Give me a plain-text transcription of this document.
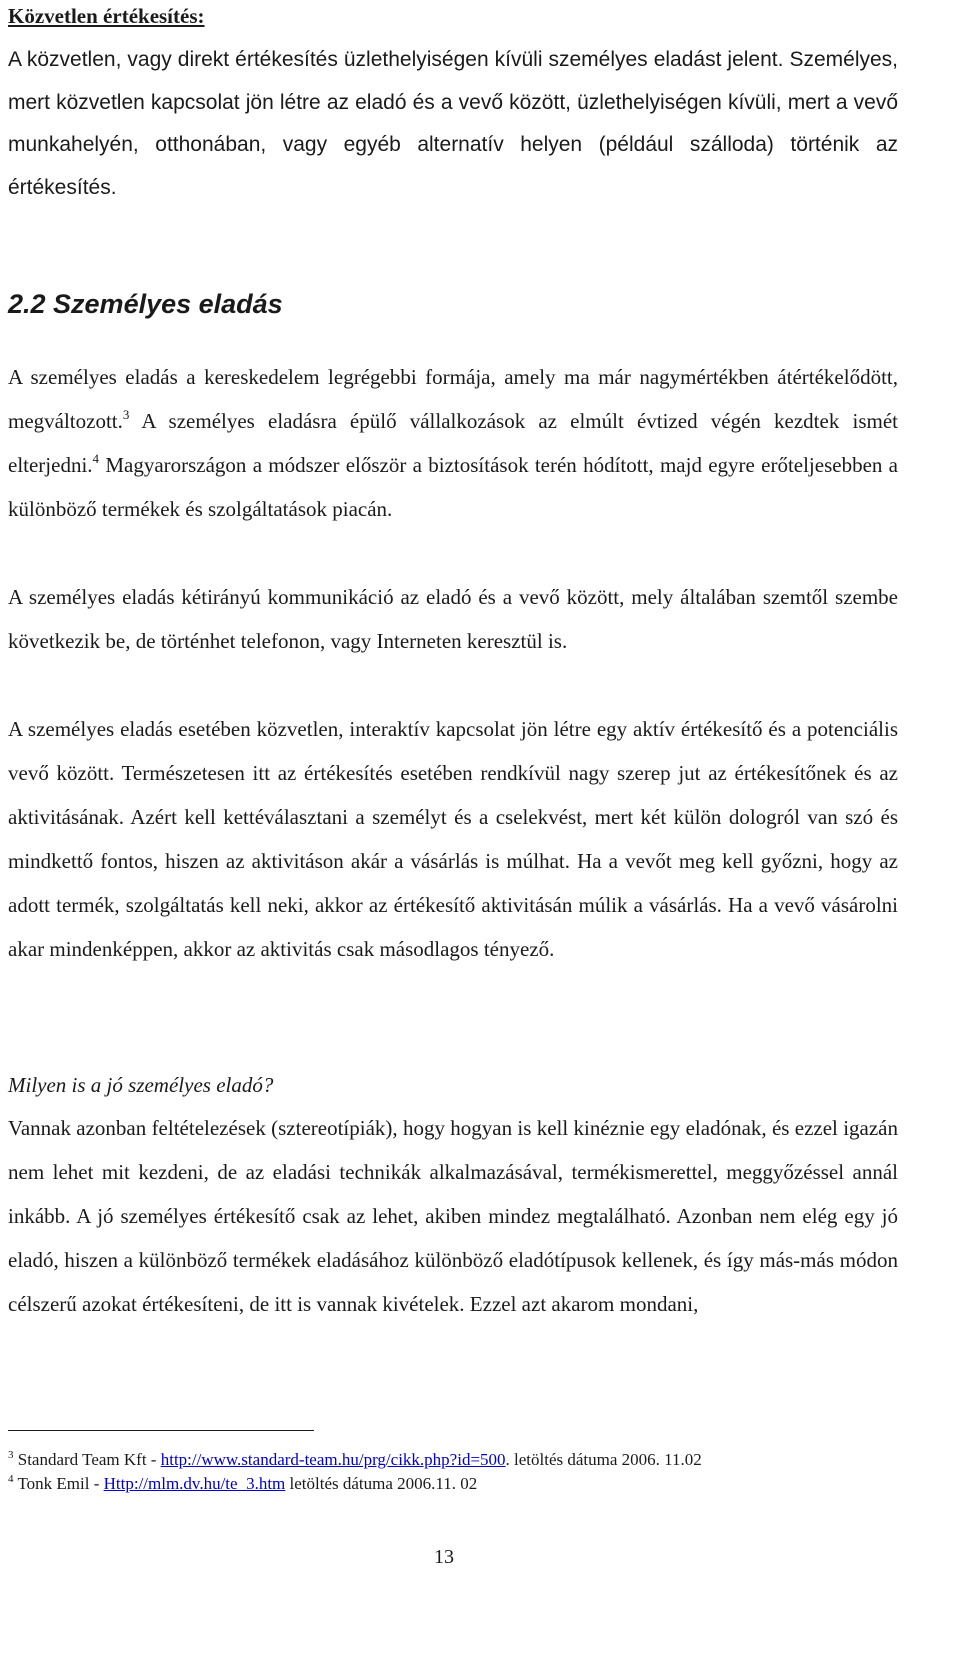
Közvetlen értékesítés:

A közvetlen, vagy direkt értékesítés üzlethelyiségen kívüli személyes eladást jelent. Személyes, mert közvetlen kapcsolat jön létre az eladó és a vevő között, üzlethelyiségen kívüli, mert a vevő munkahelyén, otthonában, vagy egyéb alternatív helyen (például szálloda) történik az értékesítés.

2.2 Személyes eladás

A személyes eladás a kereskedelem legrégebbi formája, amely ma már nagymértékben átértékelődött, megváltozott.$^3$ A személyes eladásra épülő vállalkozások az elmúlt évtized végén kezdtek ismét elterjedni.$^4$ Magyarországon a módszer először a biztosítások terén hódított, majd egyre erőteljesebben a különböző termékek és szolgáltatások piacán.

A személyes eladás kétirányú kommunikáció az eladó és a vevő között, mely általában szemtől szembe következik be, de történhet telefonon, vagy Interneten keresztül is.

A személyes eladás esetében közvetlen, interaktív kapcsolat jön létre egy aktív értékesítő és a potenciális vevő között. Természetesen itt az értékesítés esetében rendkívül nagy szerep jut az értékesítőnek és az aktivitásának. Azért kell kettéválasztani a személyt és a cselekvést, mert két külön dologról van szó és mindkettő fontos, hiszen az aktivitáson akár a vásárlás is múlhat. Ha a vevőt meg kell győzni, hogy az adott termék, szolgáltatás kell neki, akkor az értékesítő aktivitásán múlik a vásárlás. Ha a vevő vásárolni akar mindenképpen, akkor az aktivitás csak másodlagos tényező.

Milyen is a jó személyes eladó?

Vannak azonban feltételezések (sztereotípiák), hogy hogyan is kell kinéznie egy eladónak, és ezzel igazán nem lehet mit kezdeni, de az eladási technikák alkalmazásával, termékismerettel, meggyőzéssel annál inkább. A jó személyes értékesítő csak az lehet, akiben mindez megtalálható. Azonban nem elég egy jó eladó, hiszen a különböző termékek eladásához különböző eladótípusok kellenek, és így más-más módon célszerű azokat értékesíteni, de itt is vannak kivételek. Ezzel azt akarom mondani,

$^3$ Standard Team Kft - http://www.standard-team.hu/prg/cikk.php?id=500. letöltés dátuma 2006. 11.02

$^4$ Tonk Emil - Http://mlm.dv.hu/te_3.htm letöltés dátuma 2006.11. 02

13
